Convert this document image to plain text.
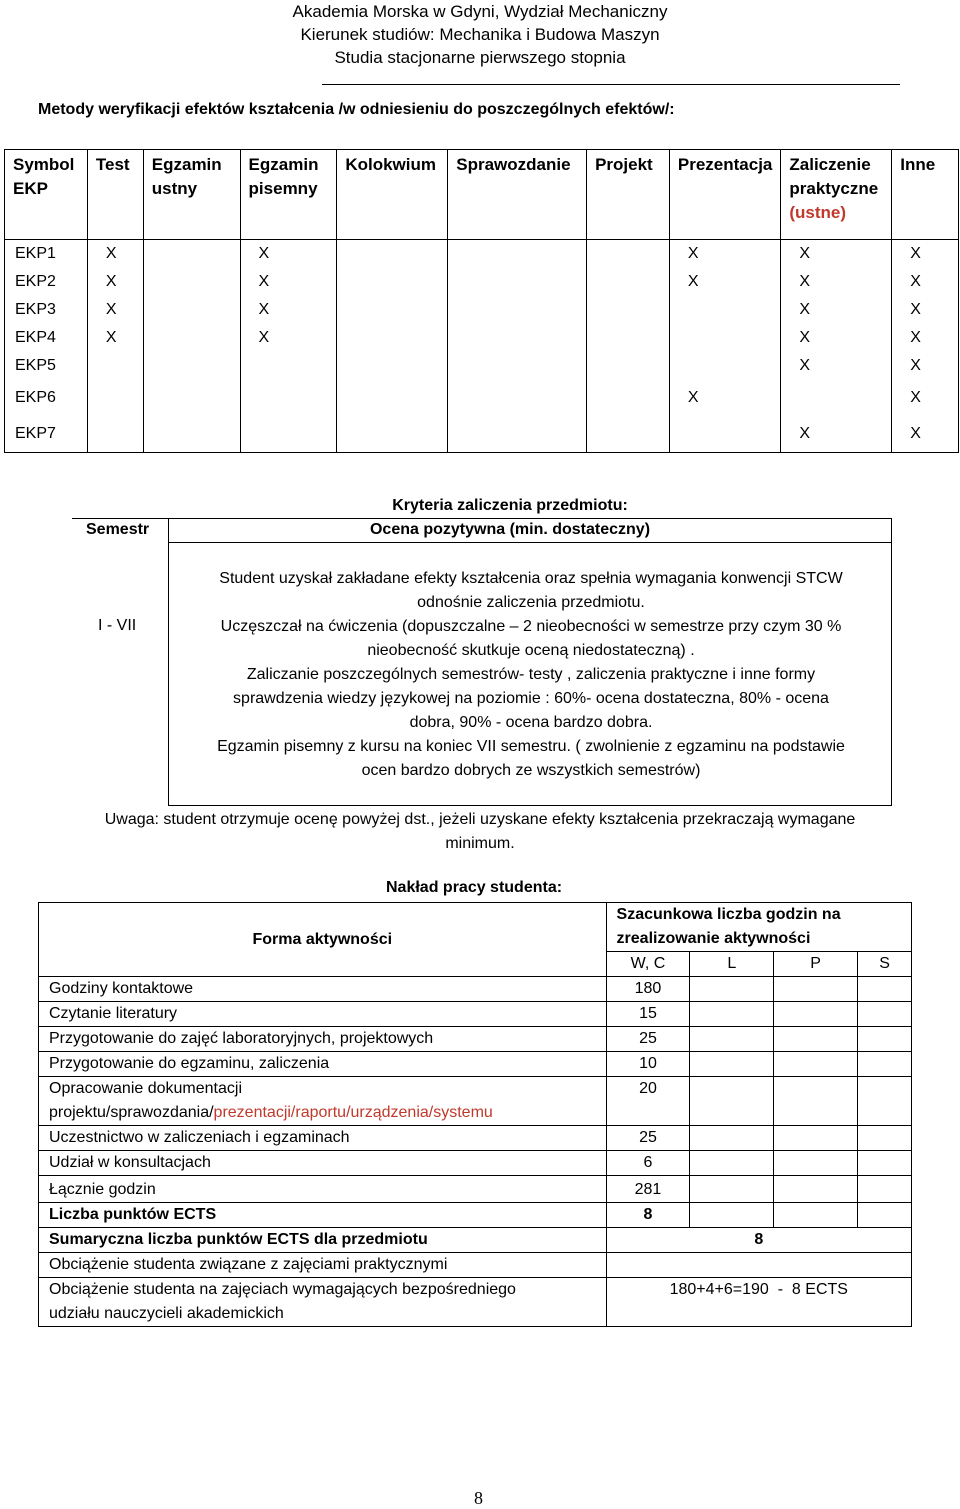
Akademia Morska w Gdyni, Wydział Mechaniczny
Kierunek studiów: Mechanika i Budowa Maszyn
Studia stacjonarne pierwszego stopnia
Metody weryfikacji efektów kształcenia /w odniesieniu do poszczególnych efektów/:
Symbol EKP	Test	Egzamin ustny	Egzamin pisemny	Kolokwium	Sprawozdanie	Projekt	Prezentacja	Zaliczenie praktyczne
(ustne)	Inne
EKP1	X		X				X	X	X
EKP2	X		X				X	X	X
EKP3	X		X					X	X
EKP4	X		X					X	X
EKP5								X	X
EKP6							X		X
EKP7								X	X
Semestr
Kryteria zaliczenia przedmiotu:
Ocena pozytywna (min. dostateczny)
I - VII
Student uzyskał zakładane efekty kształcenia oraz spełnia wymagania konwencji STCW
odnośnie zaliczenia przedmiotu.
Uczęszczał na ćwiczenia (dopuszczalne – 2 nieobecności w semestrze przy czym 30 %
nieobecność skutkuje oceną niedostateczną) .
Zaliczanie poszczególnych semestrów- testy , zaliczenia praktyczne i inne formy
sprawdzenia wiedzy językowej na poziomie : 60%- ocena dostateczna, 80% - ocena
dobra, 90% - ocena bardzo dobra.
Egzamin pisemny z kursu na koniec VII semestru. ( zwolnienie z egzaminu na podstawie
ocen bardzo dobrych ze wszystkich semestrów)
Uwaga: student otrzymuje ocenę powyżej dst., jeżeli uzyskane efekty kształcenia przekraczają wymagane
minimum.
Nakład pracy studenta:
Forma aktywności	Szacunkowa liczba godzin na
zrealizowanie aktywności			
	W, C	L	P	S
Godziny kontaktowe	180			
Czytanie literatury	15			
Przygotowanie do zajęć laboratoryjnych, projektowych	25			
Przygotowanie do egzaminu, zaliczenia	10			
Opracowanie dokumentacji
projektu/sprawozdania/prezentacji/raportu/urządzenia/systemu	20			
Uczestnictwo w zaliczeniach i egzaminach	25			
Udział w konsultacjach	6			
Łącznie godzin	281			
Liczba punktów ECTS	8			
Sumaryczna liczba punktów ECTS dla przedmiotu	8			
Obciążenie studenta związane z zajęciami praktycznymi				
Obciążenie studenta na zajęciach wymagających bezpośredniego
udziału nauczycieli akademickich	180+4+6=190  -  8 ECTS			
8
